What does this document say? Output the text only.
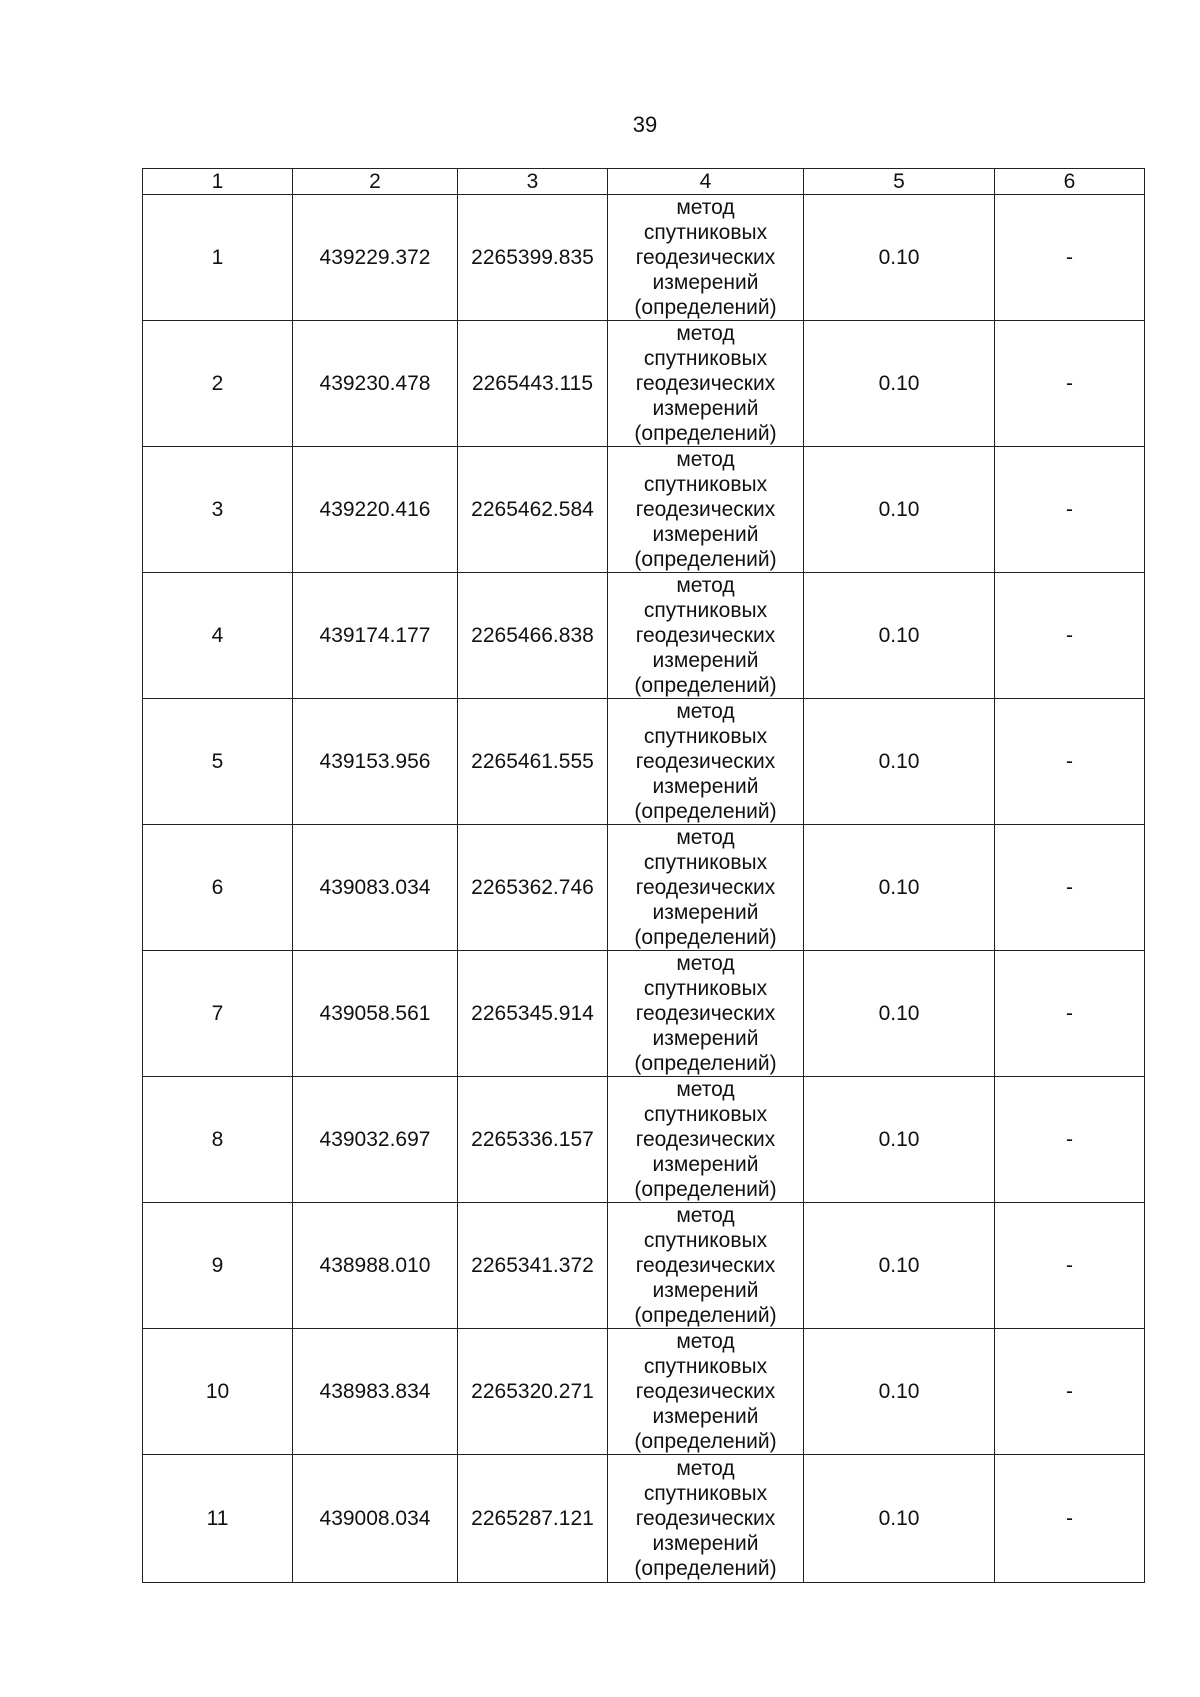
39
1	2	3	4	5	6
1	439229.372	2265399.835	метод
спутниковых
геодезических
измерений
(определений)	0.10	-
2	439230.478	2265443.115	метод
спутниковых
геодезических
измерений
(определений)	0.10	-
3	439220.416	2265462.584	метод
спутниковых
геодезических
измерений
(определений)	0.10	-
4	439174.177	2265466.838	метод
спутниковых
геодезических
измерений
(определений)	0.10	-
5	439153.956	2265461.555	метод
спутниковых
геодезических
измерений
(определений)	0.10	-
6	439083.034	2265362.746	метод
спутниковых
геодезических
измерений
(определений)	0.10	-
7	439058.561	2265345.914	метод
спутниковых
геодезических
измерений
(определений)	0.10	-
8	439032.697	2265336.157	метод
спутниковых
геодезических
измерений
(определений)	0.10	-
9	438988.010	2265341.372	метод
спутниковых
геодезических
измерений
(определений)	0.10	-
10	438983.834	2265320.271	метод
спутниковых
геодезических
измерений
(определений)	0.10	-
11	439008.034	2265287.121	метод
спутниковых
геодезических
измерений
(определений)	0.10	-
